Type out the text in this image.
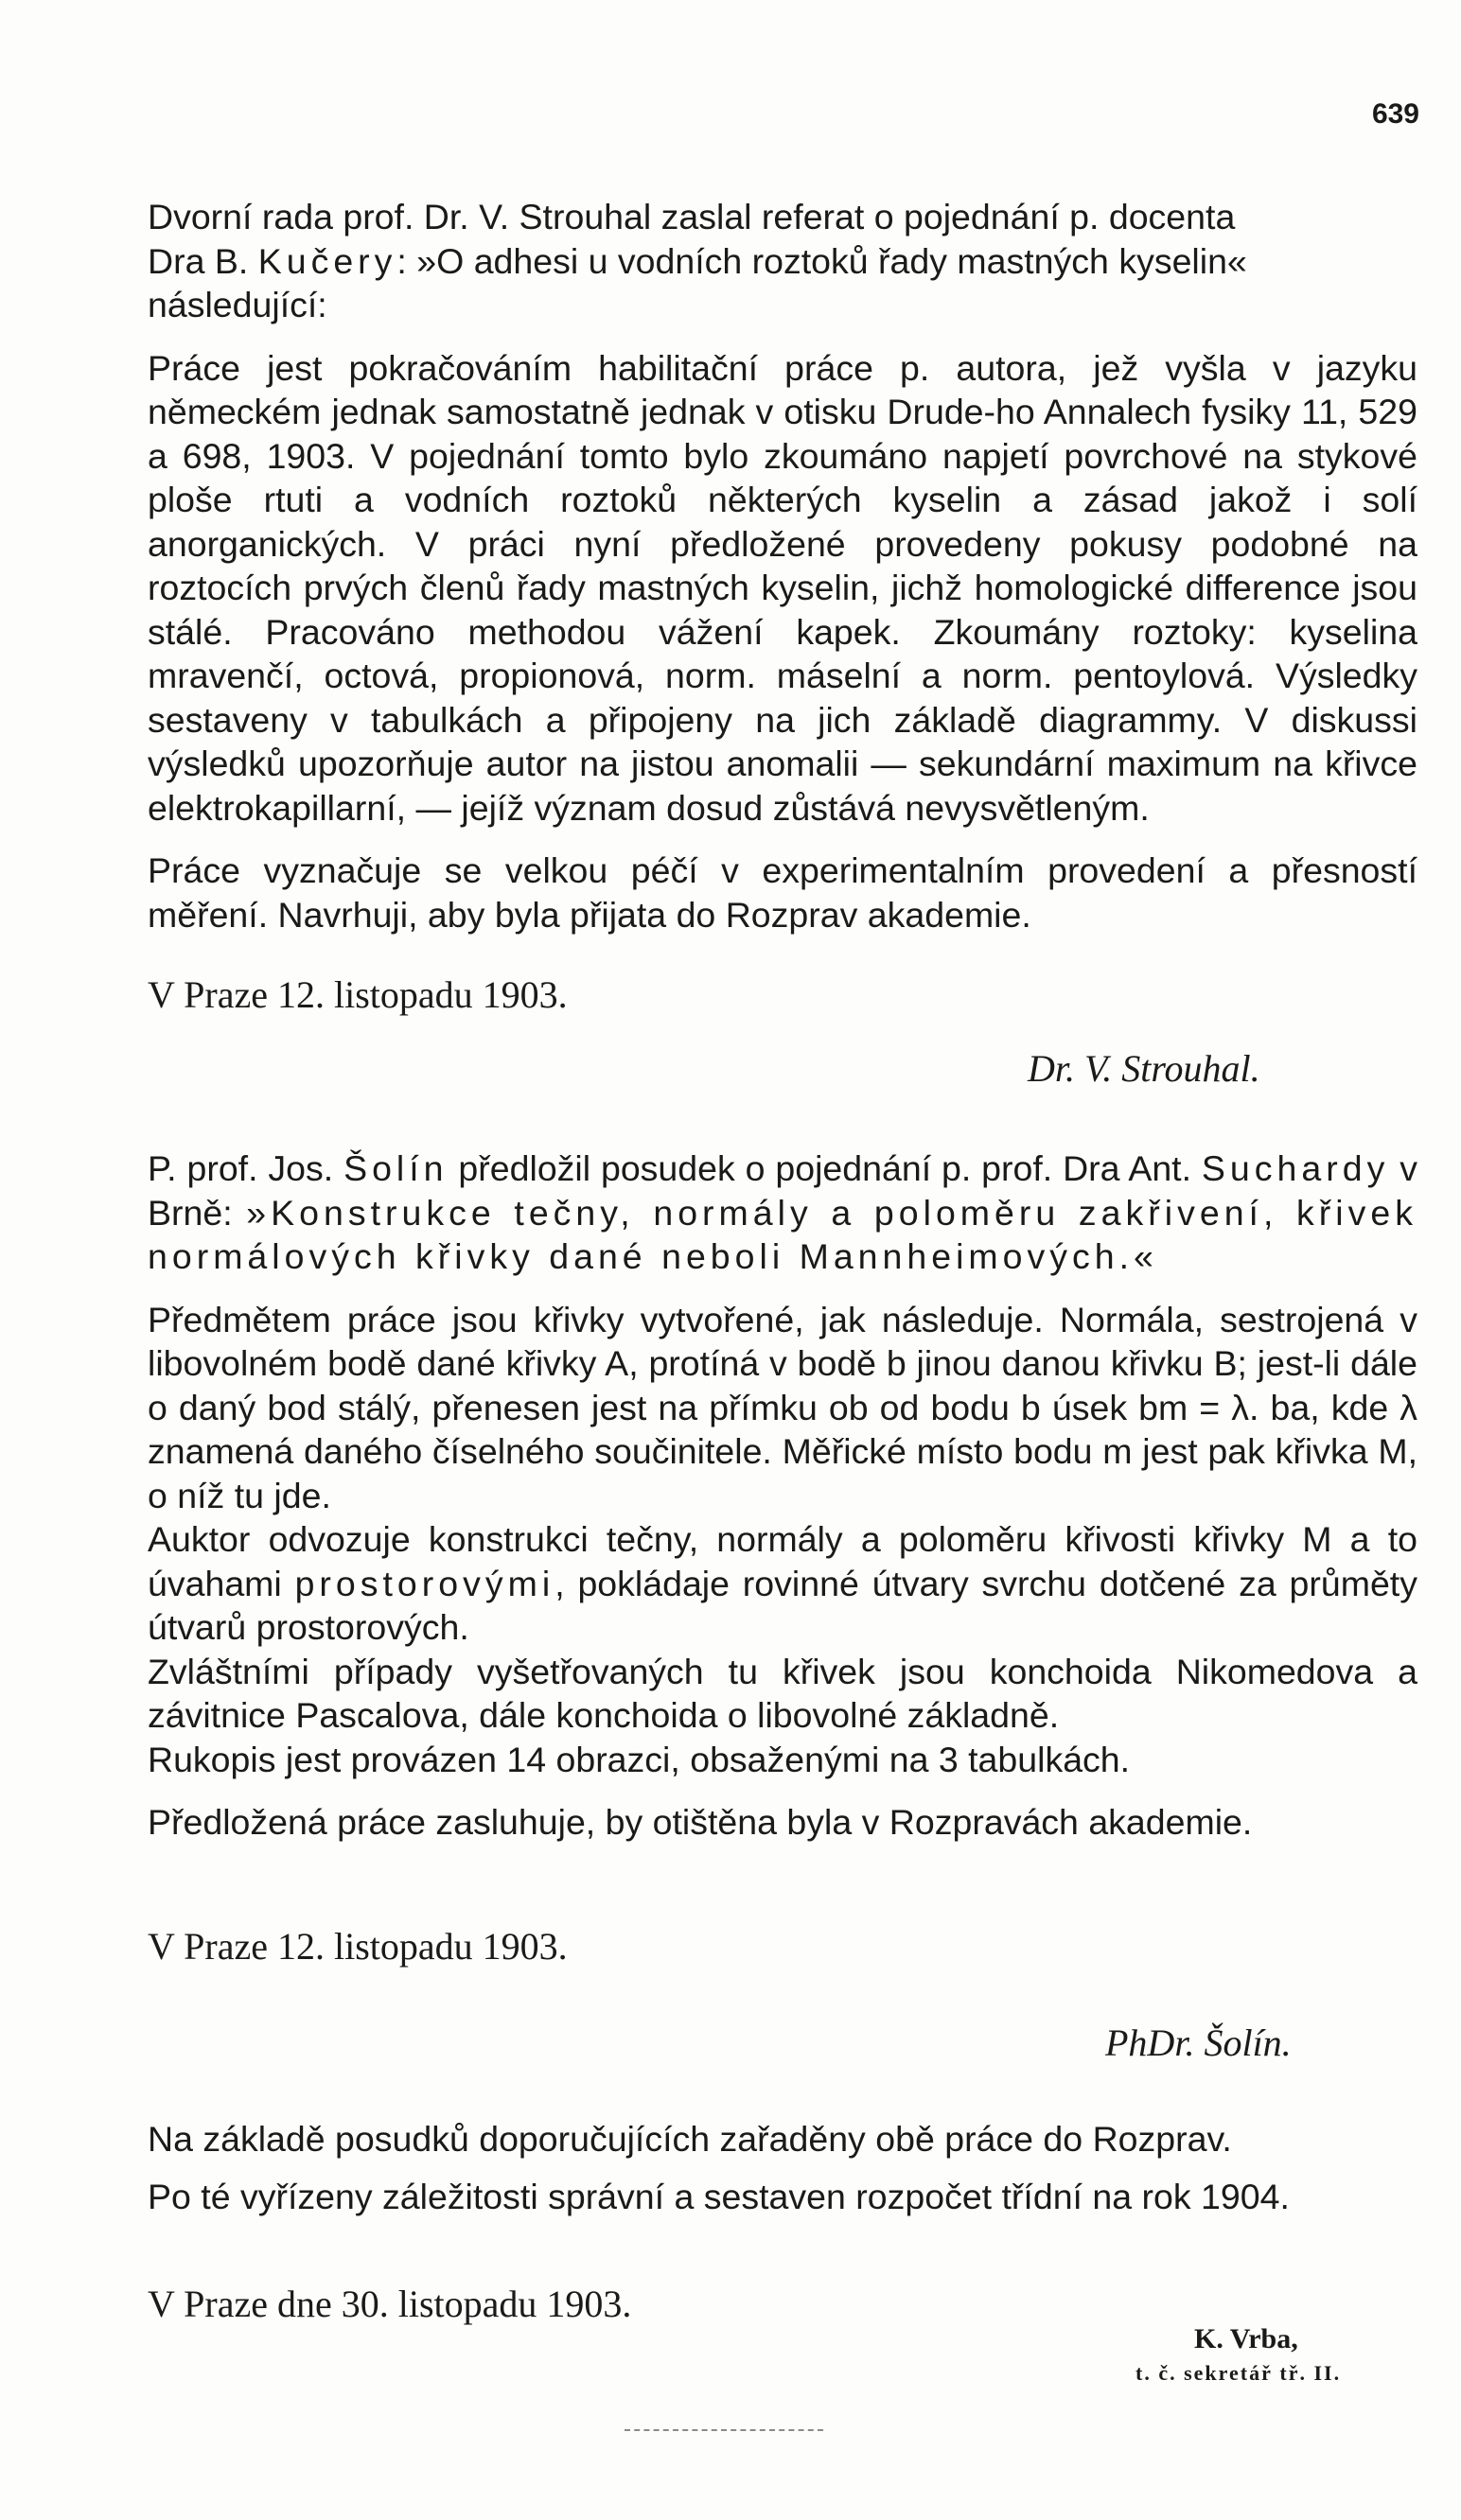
639

Dvorní rada prof. Dr. V. Strouhal zaslal referat o pojednání p. docenta
Dra B. Kučery: »O adhesi u vodních roztoků řady mastných kyselin«
následující:

Práce jest pokračováním habilitační práce p. autora, jež vyšla v jazyku německém jednak samostatně jednak v otisku Drude-ho Annalech fysiky 11, 529 a 698, 1903. V pojednání tomto bylo zkoumáno napjetí povrchové na stykové ploše rtuti a vodních roztoků některých kyselin a zásad jakož i solí anorganických. V práci nyní předložené provedeny pokusy podobné na roztocích prvých členů řady mastných kyselin, jichž homologické difference jsou stálé. Pracováno methodou vážení kapek. Zkoumány roztoky: kyselina mravenčí, octová, propionová, norm. máselní a norm. pentoylová. Výsledky sestaveny v tabulkách a připojeny na jich základě diagrammy. V diskussi výsledků upozorňuje autor na jistou anomalii — sekundární maximum na křivce elektrokapillarní, — jejíž význam dosud zůstává nevysvětleným.

Práce vyznačuje se velkou péčí v experimentalním provedení a přesností měření. Navrhuji, aby byla přijata do Rozprav akademie.

V Praze 12. listopadu 1903.
Dr. V. Strouhal.

P. prof. Jos. Šolín předložil posudek o pojednání p. prof. Dra Ant. Suchardy v Brně: »Konstrukce tečny, normály a poloměru zakřivení, křivek normálových křivky dané neboli Mannheimových.«

Předmětem práce jsou křivky vytvořené, jak následuje. Normála, sestrojená v libovolném bodě dané křivky A, protíná v bodě b jinou danou křivku B; jest-li dále o daný bod stálý, přenesen jest na přímku ob od bodu b úsek bm = λ. ba, kde λ znamená daného číselného součinitele. Měřické místo bodu m jest pak křivka M, o níž tu jde.

Auktor odvozuje konstrukci tečny, normály a poloměru křivosti křivky M a to úvahami prostorovými, pokládaje rovinné útvary svrchu dotčené za průměty útvarů prostorových.

Zvláštními případy vyšetřovaných tu křivek jsou konchoida Nikomedova a závitnice Pascalova, dále konchoida o libovolné základně.

Rukopis jest provázen 14 obrazci, obsaženými na 3 tabulkách.

Předložená práce zasluhuje, by otištěna byla v Rozpravách akademie.

V Praze 12. listopadu 1903.
PhDr. Šolín.

Na základě posudků doporučujících zařaděny obě práce do Rozprav.

Po té vyřízeny záležitosti správní a sestaven rozpočet třídní na rok 1904.

V Praze dne 30. listopadu 1903.
K. Vrba,
t. č. sekretář tř. II.
